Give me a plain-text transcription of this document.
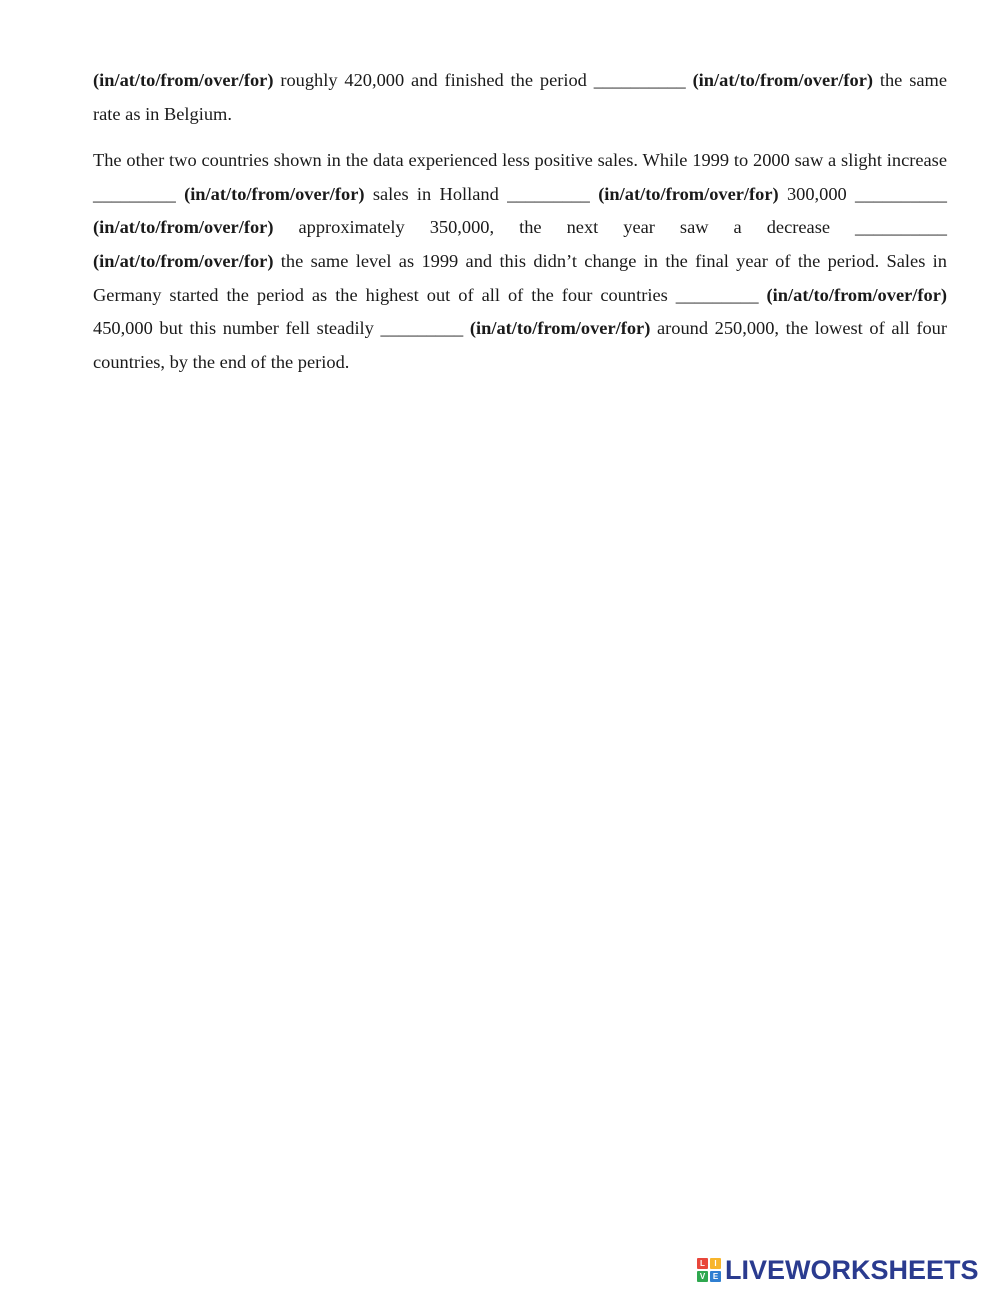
(in/at/to/from/over/for) roughly 420,000 and finished the period __________ (in/at/to/from/over/for) the same rate as in Belgium.

The other two countries shown in the data experienced less positive sales. While 1999 to 2000 saw a slight increase _________ (in/at/to/from/over/for) sales in Holland _________ (in/at/to/from/over/for) 300,000 __________ (in/at/to/from/over/for) approximately 350,000, the next year saw a decrease __________ (in/at/to/from/over/for) the same level as 1999 and this didn’t change in the final year of the period. Sales in Germany started the period as the highest out of all of the four countries _________ (in/at/to/from/over/for) 450,000 but this number fell steadily _________ (in/at/to/from/over/for) around 250,000, the lowest of all four countries, by the end of the period.

L	I
V E LIVEWORKSHEETS
